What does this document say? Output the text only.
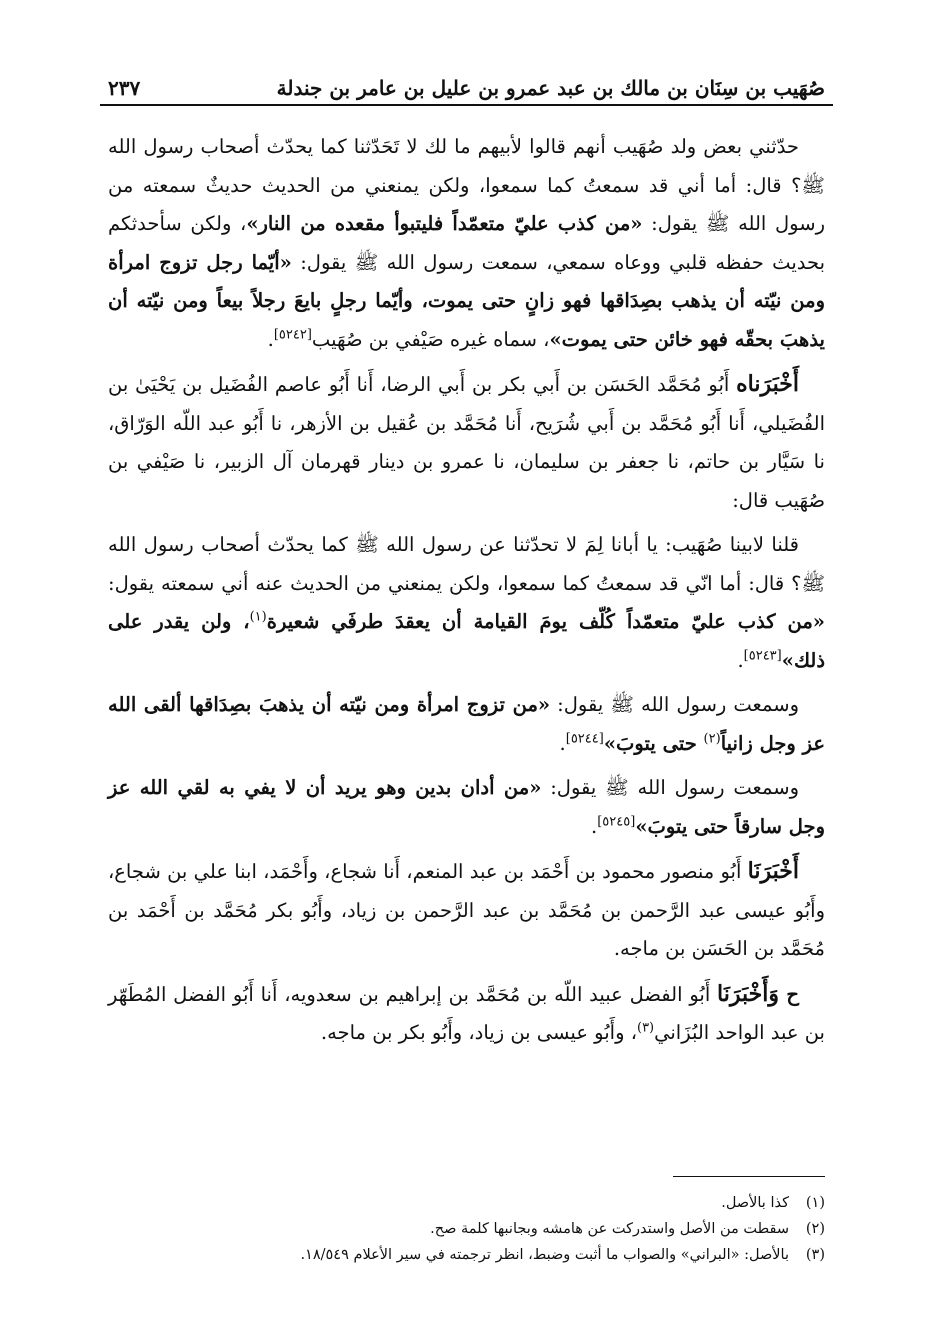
صُهَيب بن سِنَان بن مالك بن عبد عمرو بن عليل بن عامر بن جندلة
٢٣٧

حدّثني بعض ولد صُهَيب أنهم قالوا لأبيهم ما لك لا تَحَدّثنا كما يحدّث أصحاب رسول الله ﷺ؟ قال: أما أني قد سمعتُ كما سمعوا، ولكن يمنعني من الحديث حديثٌ سمعته من رسول الله ﷺ يقول: «من كذب عليّ متعمّداً فليتبوأ مقعده من النار»، ولكن سأحدثكم بحديث حفظه قلبي ووعاه سمعي، سمعت رسول الله ﷺ يقول: «أيّما رجل تزوج امرأة ومن نيّته أن يذهب بصِدَاقها فهو زانٍ حتى يموت، وأيّما رجلٍ بايعَ رجلاً بيعاً ومن نيّته أن يذهبَ بحقّه فهو خائن حتى يموت»، سماه غيره صَيْفي بن صُهَيب[٥٢٤٢].

أَخْبَرَناه أَبُو مُحَمَّد الحَسَن بن أَبي بكر بن أَبي الرضا، أَنا أَبُو عاصم الفُضَيل بن يَحْيَىٰ بن الفُضَيلي، أَنا أَبُو مُحَمَّد بن أَبي شُرَيح، أَنا مُحَمَّد بن عُقيل بن الأزهر، نا أَبُو عبد اللّه الوَرّاق، نا سَيَّار بن حاتم، نا جعفر بن سليمان، نا عمرو بن دينار قهرمان آل الزبير، نا صَيْفي بن صُهَيب قال:

قلنا لابينا صُهَيب: يا أبانا لِمَ لا تحدّثنا عن رسول الله ﷺ كما يحدّث أصحاب رسول الله ﷺ؟ قال: أما انّي قد سمعتُ كما سمعوا، ولكن يمنعني من الحديث عنه أني سمعته يقول: «من كذب عليّ متعمّداً كُلّف يومَ القيامة أن يعقدَ طرفَي شعيرة$^{(١)}$، ولن يقدر على ذلك»[٥٢٤٣].

وسمعت رسول الله ﷺ يقول: «من تزوج امرأة ومن نيّته أن يذهبَ بصِدَاقها ألقى الله عز وجل زانياً$^{(٢)}$ حتى يتوبَ»[٥٢٤٤].

وسمعت رسول الله ﷺ يقول: «من أدان بدين وهو يريد أن لا يفي به لقي الله عز وجل سارقاً حتى يتوبَ»[٥٢٤٥].

أَخْبَرَنَا أَبُو منصور محمود بن أَحْمَد بن عبد المنعم، أَنا شجاع، وأَحْمَد، ابنا علي بن شجاع، وأَبُو عيسى عبد الرَّحمن بن مُحَمَّد بن عبد الرَّحمن بن زياد، وأَبُو بكر مُحَمَّد بن أَحْمَد بن مُحَمَّد بن الحَسَن بن ماجه.

ح وَأَخْبَرَنَا أَبُو الفضل عبيد اللّه بن مُحَمَّد بن إبراهيم بن سعدويه، أَنا أَبُو الفضل المُطَهّر بن عبد الواحد البُزَاني$^{(٣)}$، وأَبُو عيسى بن زياد، وأَبُو بكر بن ماجه.

(١)
كذا بالأصل.

(٢)
سقطت من الأصل واستدركت عن هامشه وبجانبها كلمة صح.

(٣)
بالأصل: «البراني» والصواب ما أثبت وضبط، انظر ترجمته في سير الأعلام ١٨/٥٤٩.
